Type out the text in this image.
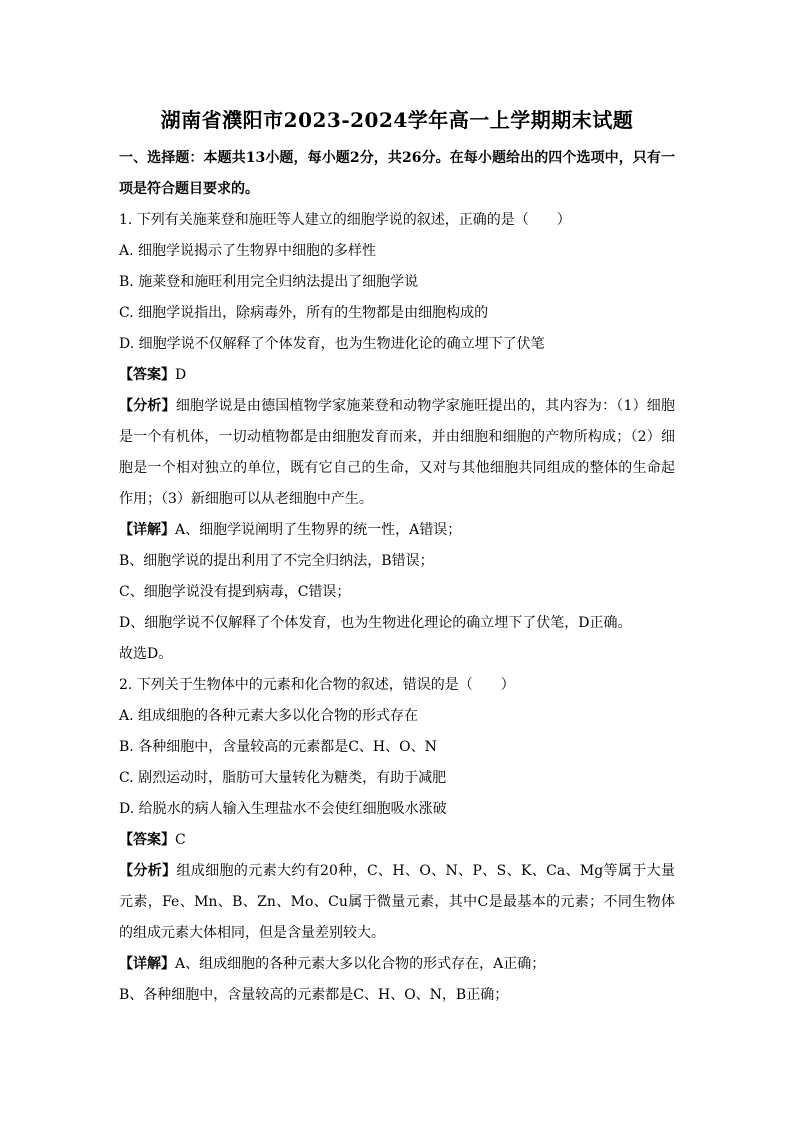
湖南省濮阳市2023-2024学年高一上学期期末试题
一、选择题：本题共13小题，每小题2分，共26分。在每小题给出的四个选项中，只有一项是符合题目要求的。
1. 下列有关施莱登和施旺等人建立的细胞学说的叙述，正确的是（　　）
A. 细胞学说揭示了生物界中细胞的多样性
B. 施莱登和施旺利用完全归纳法提出了细胞学说
C. 细胞学说指出，除病毒外，所有的生物都是由细胞构成的
D. 细胞学说不仅解释了个体发育，也为生物进化论的确立埋下了伏笔
【答案】D
【分析】细胞学说是由德国植物学家施莱登和动物学家施旺提出的，其内容为：（1）细胞是一个有机体，一切动植物都是由细胞发育而来，并由细胞和细胞的产物所构成；（2）细胞是一个相对独立的单位，既有它自己的生命，又对与其他细胞共同组成的整体的生命起作用；（3）新细胞可以从老细胞中产生。
【详解】A、细胞学说阐明了生物界的统一性，A错误；
B、细胞学说的提出利用了不完全归纳法，B错误；
C、细胞学说没有提到病毒，C错误；
D、细胞学说不仅解释了个体发育，也为生物进化理论的确立埋下了伏笔，D正确。
故选D。
2. 下列关于生物体中的元素和化合物的叙述，错误的是（　　）
A. 组成细胞的各种元素大多以化合物的形式存在
B. 各种细胞中，含量较高的元素都是C、H、O、N
C. 剧烈运动时，脂肪可大量转化为糖类，有助于减肥
D. 给脱水的病人输入生理盐水不会使红细胞吸水涨破
【答案】C
【分析】组成细胞的元素大约有20种，C、H、O、N、P、S、K、Ca、Mg等属于大量元素，Fe、Mn、B、Zn、Mo、Cu属于微量元素，其中C是最基本的元素；不同生物体的组成元素大体相同，但是含量差别较大。
【详解】A、组成细胞的各种元素大多以化合物的形式存在，A正确；
B、各种细胞中，含量较高的元素都是C、H、O、N，B正确；
